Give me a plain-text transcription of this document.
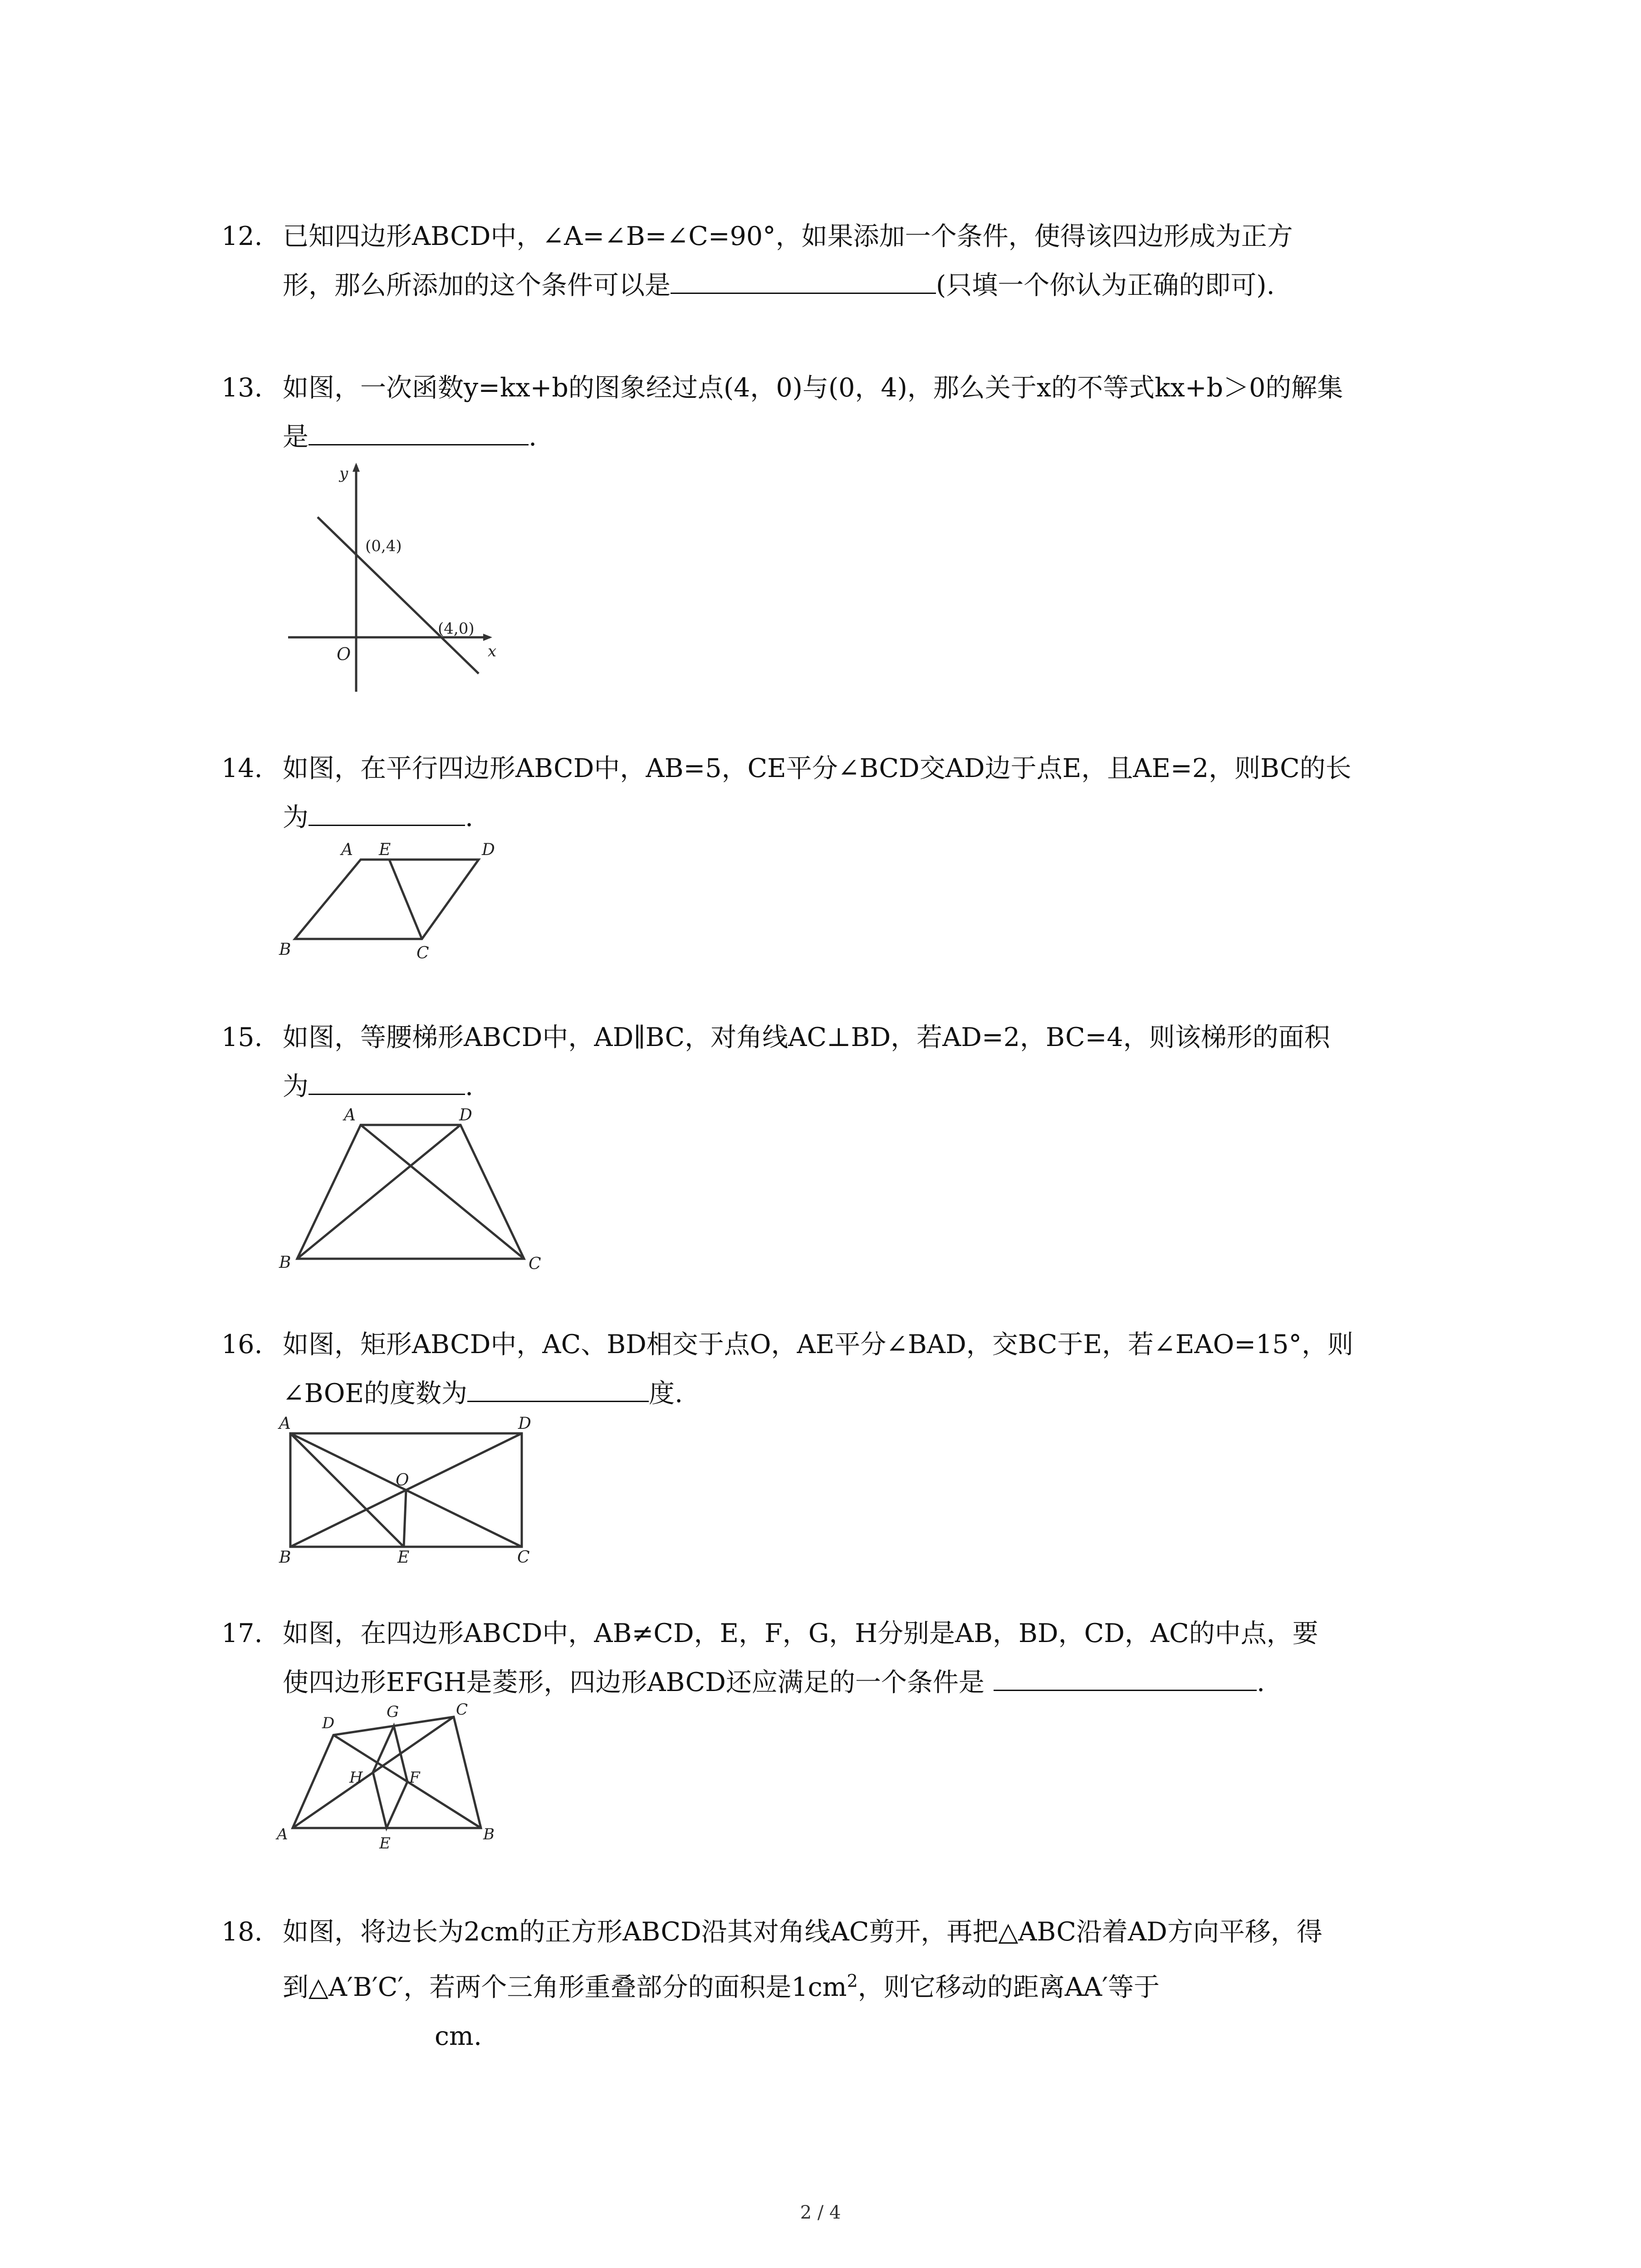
12. 已知四边形ABCD中，∠A=∠B=∠C=90°，如果添加一个条件，使得该四边形成为正方
形，那么所添加的这个条件可以是	(只填一个你认为正确的即可).
13. 如图，一次函数y=kx+b的图象经过点(4，0)与(0，4)，那么关于x的不等式kx+b＞0的解集
是	.
y
x
O
(0,4)
(4,0)
14. 如图，在平行四边形ABCD中，AB=5，CE平分∠BCD交AD边于点E，且AE=2，则BC的长
为	.
A E	D
B	C
15. 如图，等腰梯形ABCD中，AD∥BC，对角线AC⊥BD，若AD=2，BC=4，则该梯形的面积
为	.
A	D
B	C
16. 如图，矩形ABCD中，AC、BD相交于点O，AE平分∠BAD，交BC于E，若∠EAO=15°，则
∠BOE的度数为	度.
A	D
O
B	E	C
17. 如图，在四边形ABCD中，AB≠CD，E，F，G，H分别是AB，BD，CD，AC的中点，要
使四边形EFGH是菱形，四边形ABCD还应满足的一个条件是	.
D
G	C
H	F
A	E	B
18. 如图，将边长为2cm的正方形ABCD沿其对角线AC剪开，再把△ABC沿着AD方向平移，得
到△A′B′C′，若两个三角形重叠部分的面积是$1cm^2$，则它移动的距离AA′等于
cm.
2 / 4
